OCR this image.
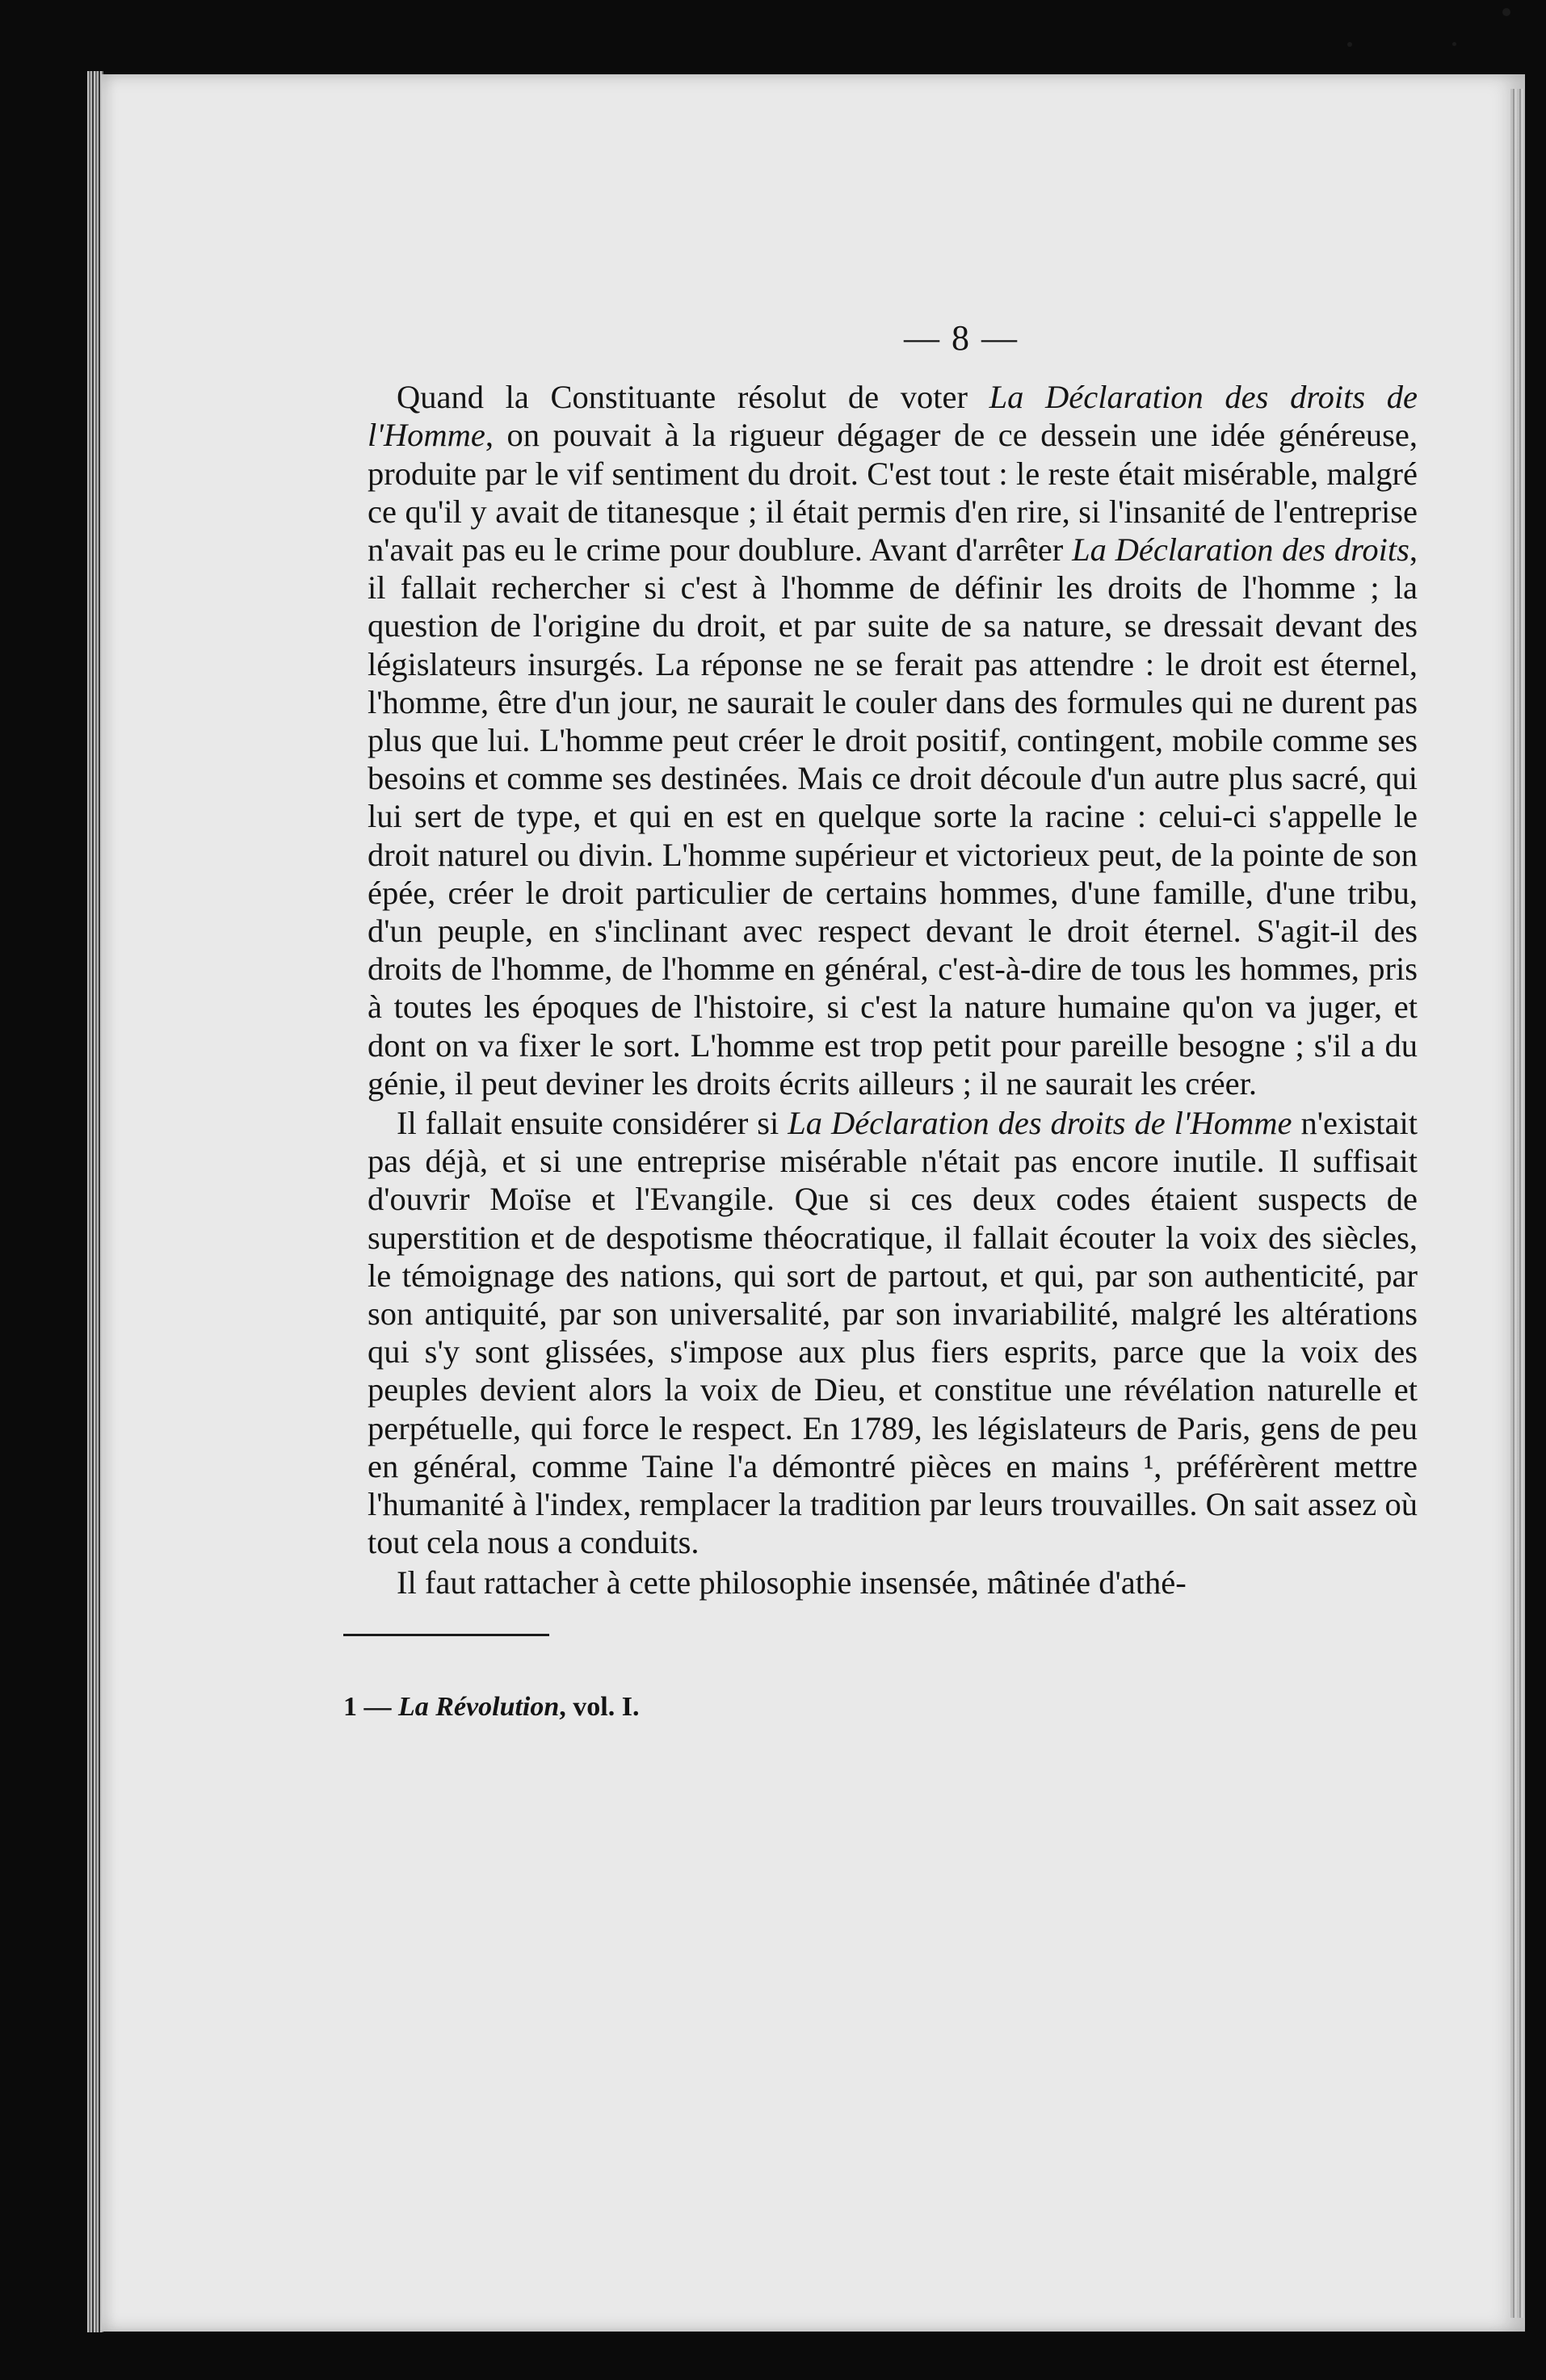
— 8 —

Quand la Constituante résolut de voter La Déclaration des droits de l'Homme, on pouvait à la rigueur dégager de ce dessein une idée généreuse, produite par le vif sentiment du droit. C'est tout : le reste était misérable, malgré ce qu'il y avait de titanesque ; il était permis d'en rire, si l'insanité de l'entreprise n'avait pas eu le crime pour doublure. Avant d'arrêter La Déclaration des droits, il fallait rechercher si c'est à l'homme de définir les droits de l'homme ; la question de l'origine du droit, et par suite de sa nature, se dressait devant des législateurs insurgés. La réponse ne se ferait pas attendre : le droit est éternel, l'homme, être d'un jour, ne saurait le couler dans des formules qui ne durent pas plus que lui. L'homme peut créer le droit positif, contingent, mobile comme ses besoins et comme ses destinées. Mais ce droit découle d'un autre plus sacré, qui lui sert de type, et qui en est en quelque sorte la racine : celui-ci s'appelle le droit naturel ou divin. L'homme supérieur et victorieux peut, de la pointe de son épée, créer le droit particulier de certains hommes, d'une famille, d'une tribu, d'un peuple, en s'inclinant avec respect devant le droit éternel. S'agit-il des droits de l'homme, de l'homme en général, c'est-à-dire de tous les hommes, pris à toutes les époques de l'histoire, si c'est la nature humaine qu'on va juger, et dont on va fixer le sort. L'homme est trop petit pour pareille besogne ; s'il a du génie, il peut deviner les droits écrits ailleurs ; il ne saurait les créer.

Il fallait ensuite considérer si La Déclaration des droits de l'Homme n'existait pas déjà, et si une entreprise misérable n'était pas encore inutile. Il suffisait d'ouvrir Moïse et l'Evangile. Que si ces deux codes étaient suspects de superstition et de despotisme théocratique, il fallait écouter la voix des siècles, le témoignage des nations, qui sort de partout, et qui, par son authenticité, par son antiquité, par son universalité, par son invariabilité, malgré les altérations qui s'y sont glissées, s'impose aux plus fiers esprits, parce que la voix des peuples devient alors la voix de Dieu, et constitue une révélation naturelle et perpétuelle, qui force le respect. En 1789, les législateurs de Paris, gens de peu en général, comme Taine l'a démontré pièces en mains ¹, préférèrent mettre l'humanité à l'index, remplacer la tradition par leurs trouvailles. On sait assez où tout cela nous a conduits.

Il faut rattacher à cette philosophie insensée, mâtinée d'athé-

1 — La Révolution, vol. I.
